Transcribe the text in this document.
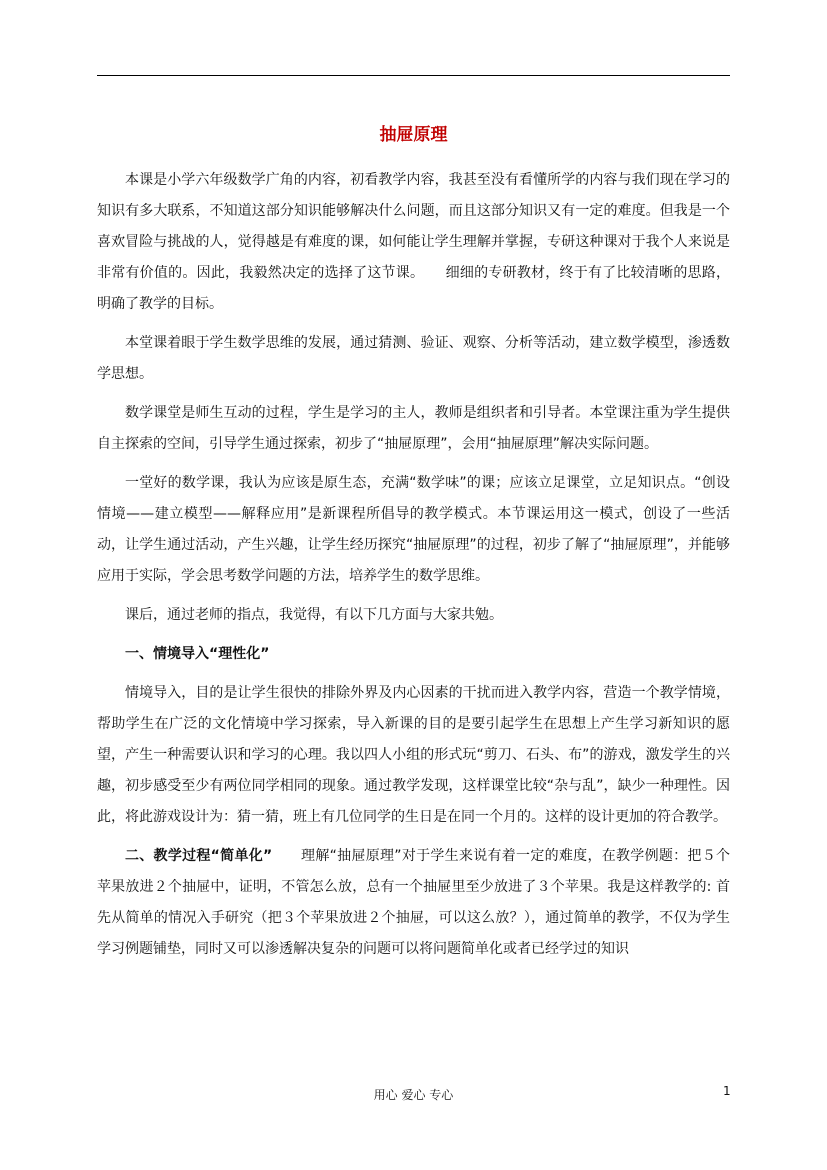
抽屉原理

本课是小学六年级数学广角的内容，初看教学内容，我甚至没有看懂所学的内容与我们现在学习的知识有多大联系，不知道这部分知识能够解决什么问题，而且这部分知识又有一定的难度。但我是一个喜欢冒险与挑战的人，觉得越是有难度的课，如何能让学生理解并掌握，专研这种课对于我个人来说是非常有价值的。因此，我毅然决定的选择了这节课。　　细细的专研教材，终于有了比较清晰的思路，明确了教学的目标。

本堂课着眼于学生数学思维的发展，通过猜测、验证、观察、分析等活动，建立数学模型，渗透数学思想。

数学课堂是师生互动的过程，学生是学习的主人，教师是组织者和引导者。本堂课注重为学生提供自主探索的空间，引导学生通过探索，初步了“抽屉原理”，会用“抽屉原理”解决实际问题。

一堂好的数学课，我认为应该是原生态，充满“数学味”的课；应该立足课堂，立足知识点。“创设情境——建立模型——解释应用”是新课程所倡导的教学模式。本节课运用这一模式，创设了一些活动，让学生通过活动，产生兴趣，让学生经历探究“抽屉原理”的过程，初步了解了“抽屉原理”，并能够应用于实际，学会思考数学问题的方法，培养学生的数学思维。

课后，通过老师的指点，我觉得，有以下几方面与大家共勉。

一、情境导入“理性化”

情境导入，目的是让学生很快的排除外界及内心因素的干扰而进入教学内容，营造一个教学情境，帮助学生在广泛的文化情境中学习探索，导入新课的目的是要引起学生在思想上产生学习新知识的愿望，产生一种需要认识和学习的心理。我以四人小组的形式玩“剪刀、石头、布”的游戏，激发学生的兴趣，初步感受至少有两位同学相同的现象。通过教学发现，这样课堂比较“杂与乱”，缺少一种理性。因此，将此游戏设计为：猜一猜，班上有几位同学的生日是在同一个月的。这样的设计更加的符合教学。

二、教学过程“简单化”　　理解“抽屉原理”对于学生来说有着一定的难度，在教学例题：把５个苹果放进２个抽屉中，证明，不管怎么放，总有一个抽屉里至少放进了３个苹果。我是这样教学的: 首先从简单的情况入手研究（把３个苹果放进２个抽屉，可以这么放？），通过简单的教学，不仅为学生学习例题铺垫，同时又可以渗透解决复杂的问题可以将问题简单化或者已经学过的知识

用心 爱心 专心	1
